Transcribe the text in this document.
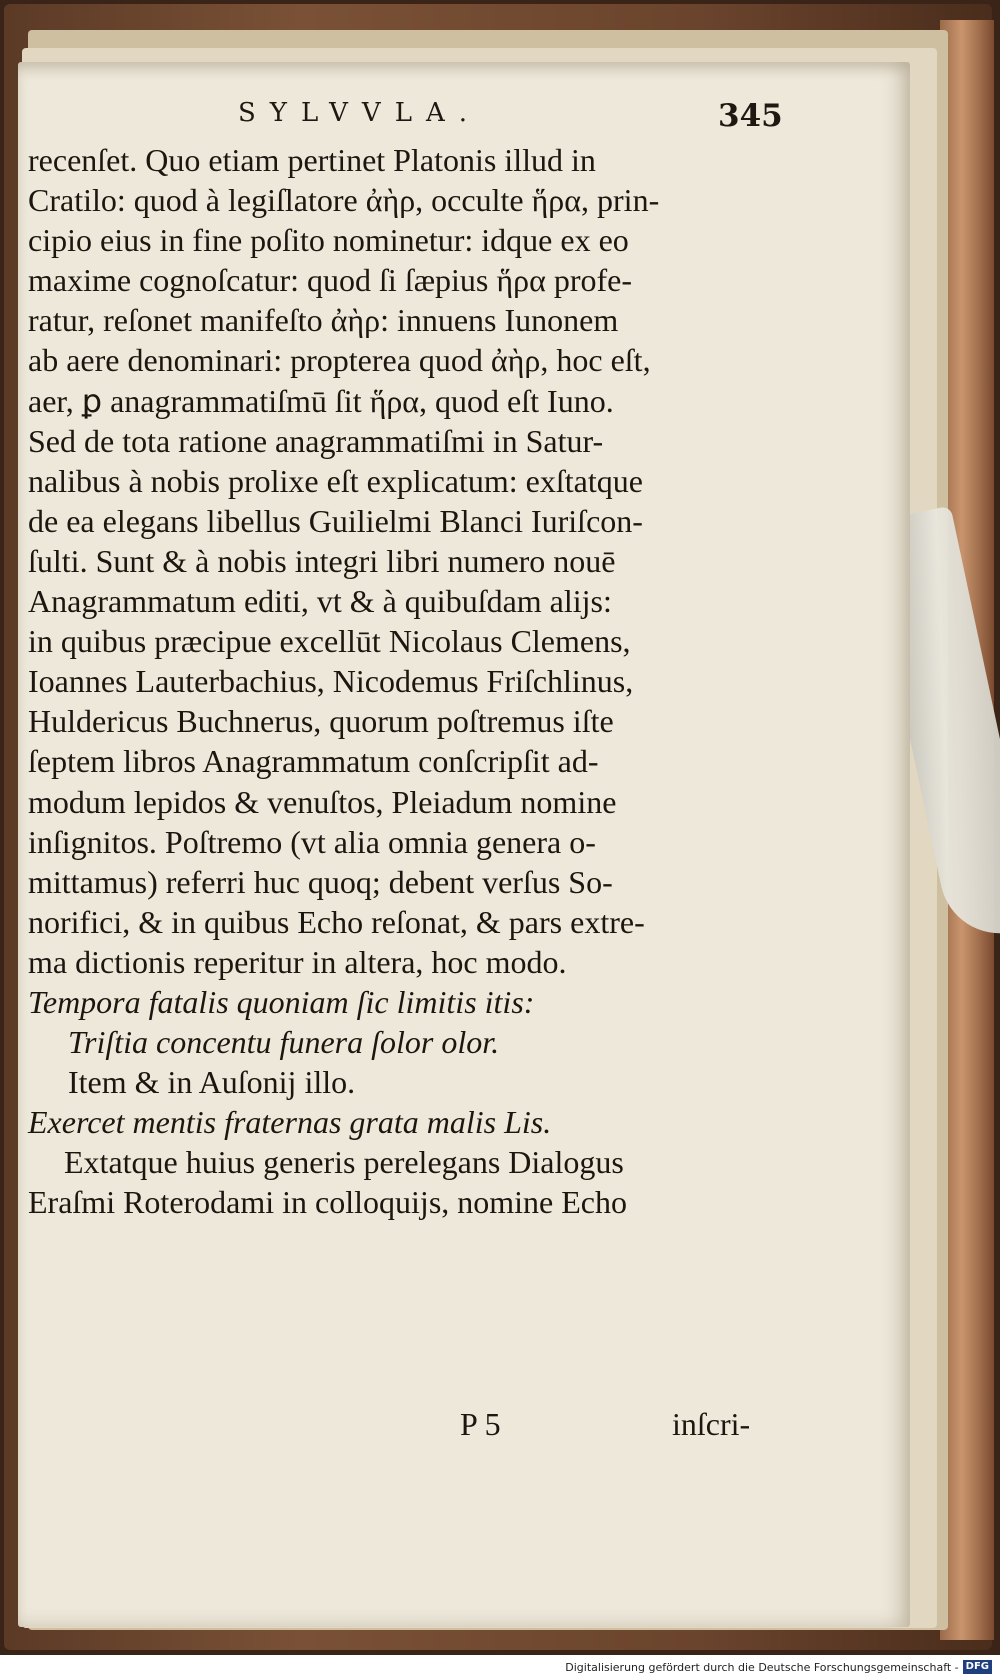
SYLVVLA.	345
recenſet. Quo etiam pertinet Platonis illud in
Cratilo: quod à legiſlatore ἀὴρ, occulte ἥρα, prin-
cipio eius in fine poſito nominetur: idque ex eo
maxime cognoſcatur: quod ſi ſæpius ἥρα profe-
ratur, reſonet manifeſto ἀὴρ: innuens Iunonem
ab aere denominari: propterea quod ἀὴρ, hoc eſt,
aer, ꝑ anagrammatiſmū ſit ἥρα, quod eſt Iuno.
Sed de tota ratione anagrammatiſmi in Satur-
nalibus à nobis prolixe eſt explicatum: exſtatque
de ea elegans libellus Guilielmi Blanci Iuriſcon-
ſulti. Sunt & à nobis integri libri numero nouē
Anagrammatum editi, vt & à quibuſdam alijs:
in quibus præcipue excellūt Nicolaus Clemens,
Ioannes Lauterbachius, Nicodemus Friſchlinus,
Huldericus Buchnerus, quorum poſtremus iſte
ſeptem libros Anagrammatum conſcripſit ad-
modum lepidos & venuſtos, Pleiadum nomine
inſignitos. Poſtremo (vt alia omnia genera o-
mittamus) referri huc quoq; debent verſus So-
norifici, & in quibus Echo reſonat, & pars extre-
ma dictionis reperitur in altera, hoc modo.
Tempora fatalis quoniam ſic limitis itis:
Triſtia concentu funera ſolor olor.
Item & in Auſonij illo.
Exercet mentis fraternas grata malis Lis.
Extatque huius generis perelegans Dialogus
Eraſmi Roterodami in colloquijs, nomine Echo
P 5	inſcri-
Digitalisierung gefördert durch die Deutsche Forschungsgemeinschaft - DFG
